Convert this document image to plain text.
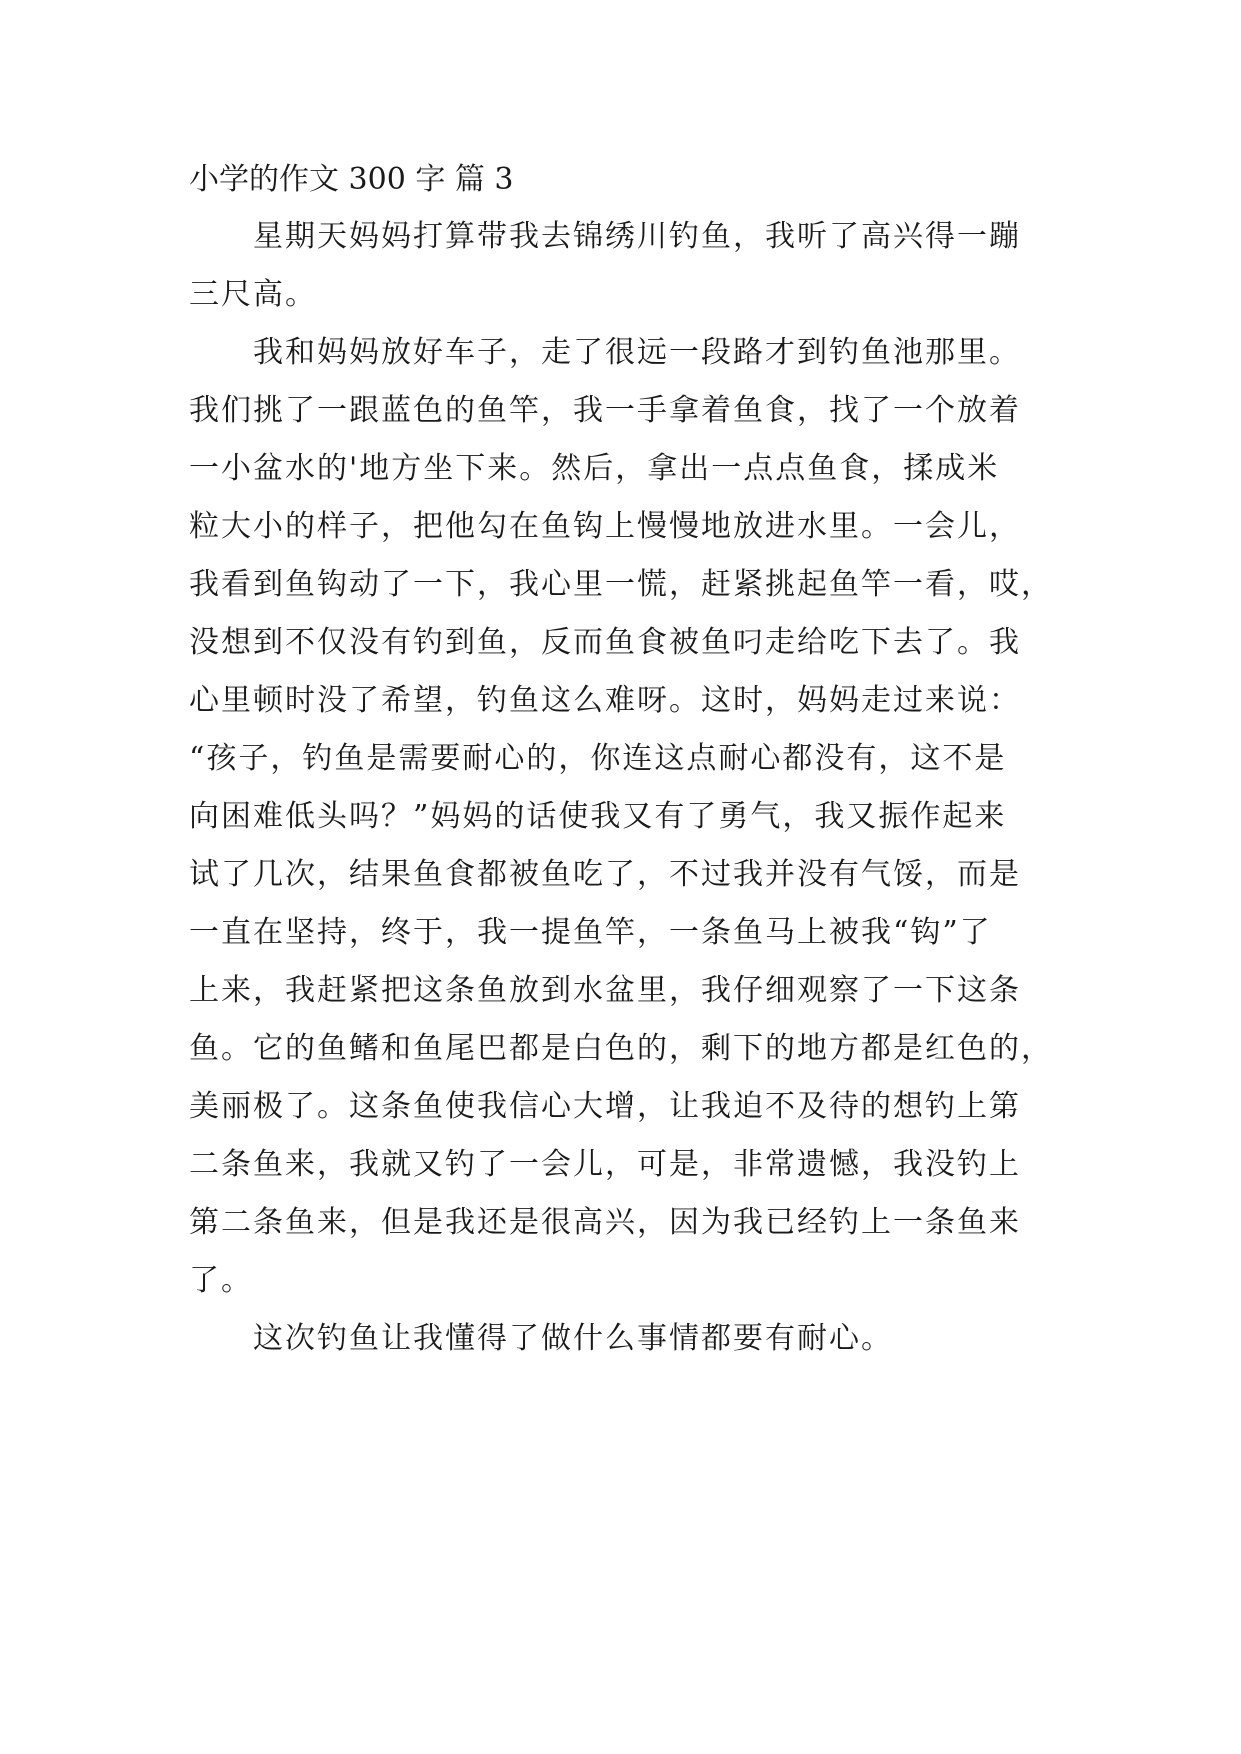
小学的作文 300 字 篇 3

星期天妈妈打算带我去锦绣川钓鱼，我听了高兴得一蹦
三尺高。

我和妈妈放好车子，走了很远一段路才到钓鱼池那里。
我们挑了一跟蓝色的鱼竿，我一手拿着鱼食，找了一个放着
一小盆水的'地方坐下来。然后，拿出一点点鱼食，揉成米
粒大小的样子，把他勾在鱼钩上慢慢地放进水里。一会儿，
我看到鱼钩动了一下，我心里一慌，赶紧挑起鱼竿一看，哎，
没想到不仅没有钓到鱼，反而鱼食被鱼叼走给吃下去了。我
心里顿时没了希望，钓鱼这么难呀。这时，妈妈走过来说：
“孩子，钓鱼是需要耐心的，你连这点耐心都没有，这不是
向困难低头吗？”妈妈的话使我又有了勇气，我又振作起来
试了几次，结果鱼食都被鱼吃了，不过我并没有气馁，而是
一直在坚持，终于，我一提鱼竿，一条鱼马上被我“钩”了
上来，我赶紧把这条鱼放到水盆里，我仔细观察了一下这条
鱼。它的鱼鳍和鱼尾巴都是白色的，剩下的地方都是红色的，
美丽极了。这条鱼使我信心大增，让我迫不及待的想钓上第
二条鱼来，我就又钓了一会儿，可是，非常遗憾，我没钓上
第二条鱼来，但是我还是很高兴，因为我已经钓上一条鱼来
了。

这次钓鱼让我懂得了做什么事情都要有耐心。
